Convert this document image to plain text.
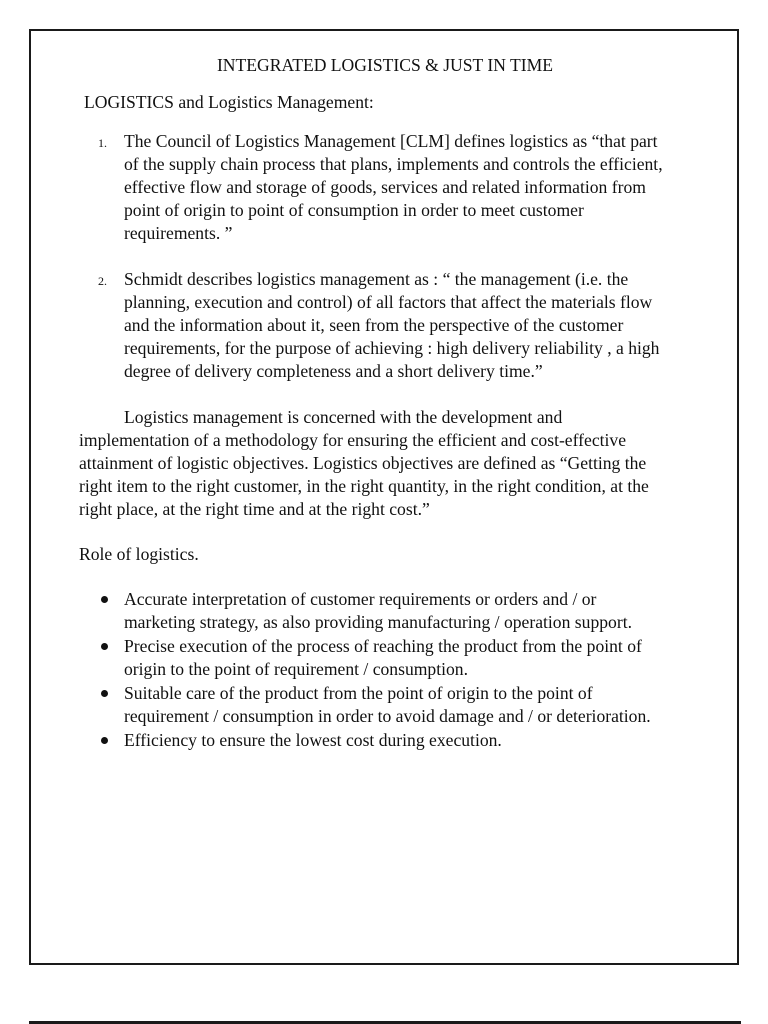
INTEGRATED LOGISTICS & JUST IN TIME

LOGISTICS and Logistics Management:

1. The Council of Logistics Management [CLM] defines logistics as “that part of the supply chain process that plans, implements and controls the efficient, effective flow and storage of goods, services and related information from point of origin to point of consumption in order to meet customer requirements. ”
2. Schmidt describes logistics management as : “ the management (i.e. the planning, execution and control) of all factors that affect the materials flow and the information about it, seen from the perspective of the customer requirements, for the purpose of achieving : high delivery reliability , a high degree of delivery completeness and a short delivery time.”

Logistics management is concerned with the development and implementation of a methodology for ensuring the efficient and cost-effective attainment of logistic objectives. Logistics objectives are defined as “Getting the right item to the right customer, in the right quantity, in the right condition, at the right place, at the right time and at the right cost.”

Role of logistics.

Accurate interpretation of customer requirements or orders and / or marketing strategy, as also providing manufacturing / operation support.
Precise execution of the process of reaching the product from the point of origin to the point of requirement / consumption.
Suitable care of the product from the point of origin to the point of requirement / consumption in order to avoid damage and / or deterioration.
Efficiency to ensure the lowest cost during execution.
